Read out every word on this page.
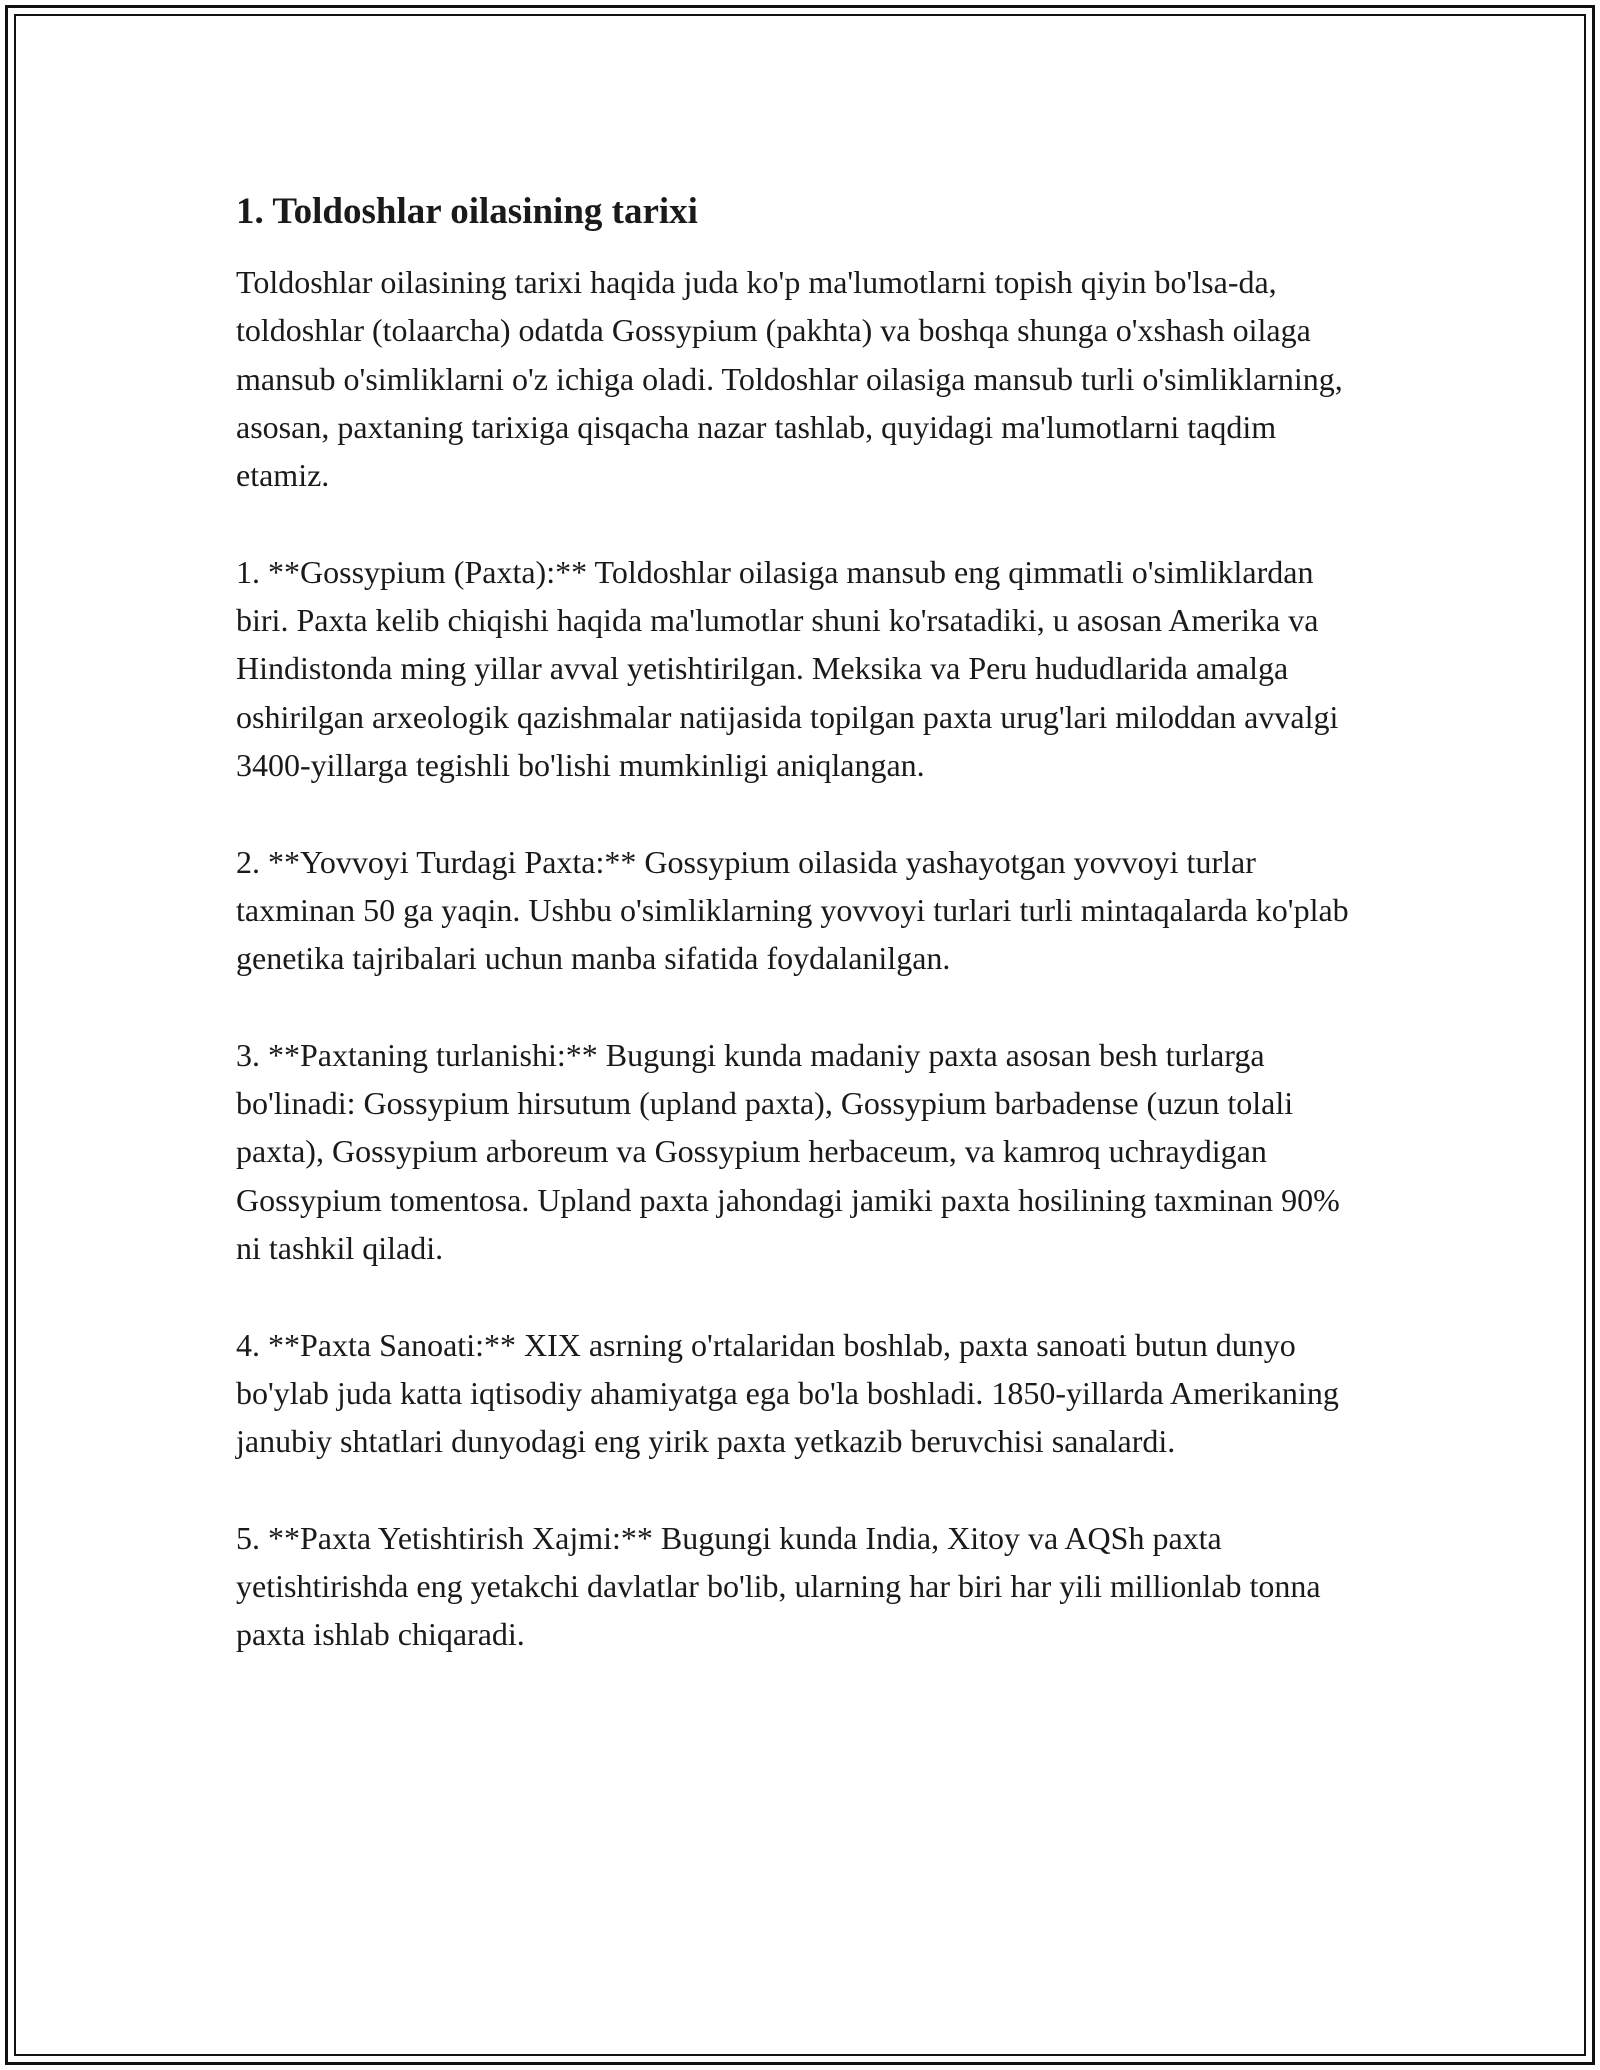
1. Toldoshlar oilasining tarixi

Toldoshlar oilasining tarixi haqida juda ko'p ma'lumotlarni topish qiyin bo'lsa-da, toldoshlar (tolaarcha) odatda Gossypium (pakhta) va boshqa shunga o'xshash oilaga mansub o'simliklarni o'z ichiga oladi. Toldoshlar oilasiga mansub turli o'simliklarning, asosan, paxtaning tarixiga qisqacha nazar tashlab, quyidagi ma'lumotlarni taqdim etamiz.

1. **Gossypium (Paxta):** Toldoshlar oilasiga mansub eng qimmatli o'simliklardan biri. Paxta kelib chiqishi haqida ma'lumotlar shuni ko'rsatadiki, u asosan Amerika va Hindistonda ming yillar avval yetishtirilgan. Meksika va Peru hududlarida amalga oshirilgan arxeologik qazishmalar natijasida topilgan paxta urug'lari miloddan avvalgi 3400-yillarga tegishli bo'lishi mumkinligi aniqlangan.

2. **Yovvoyi Turdagi Paxta:** Gossypium oilasida yashayotgan yovvoyi turlar taxminan 50 ga yaqin. Ushbu o'simliklarning yovvoyi turlari turli mintaqalarda ko'plab genetika tajribalari uchun manba sifatida foydalanilgan.

3. **Paxtaning turlanishi:** Bugungi kunda madaniy paxta asosan besh turlarga bo'linadi: Gossypium hirsutum (upland paxta), Gossypium barbadense (uzun tolali paxta), Gossypium arboreum va Gossypium herbaceum, va kamroq uchraydigan Gossypium tomentosa. Upland paxta jahondagi jamiki paxta hosilining taxminan 90% ni tashkil qiladi.

4. **Paxta Sanoati:** XIX asrning o'rtalaridan boshlab, paxta sanoati butun dunyo bo'ylab juda katta iqtisodiy ahamiyatga ega bo'la boshladi. 1850-yillarda Amerikaning janubiy shtatlari dunyodagi eng yirik paxta yetkazib beruvchisi sanalardi.

5. **Paxta Yetishtirish Xajmi:** Bugungi kunda India, Xitoy va AQSh paxta yetishtirishda eng yetakchi davlatlar bo'lib, ularning har biri har yili millionlab tonna paxta ishlab chiqaradi.
